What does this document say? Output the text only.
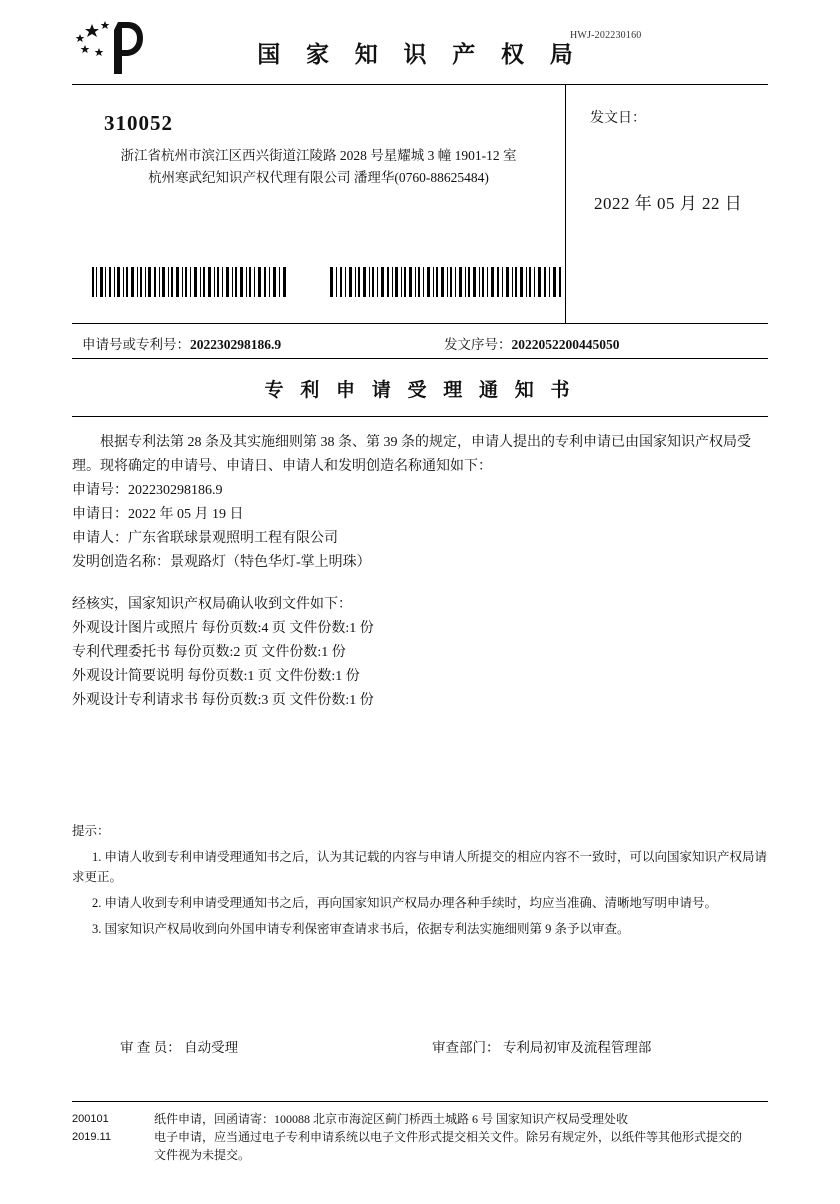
HWJ-202230160
国 家 知 识 产 权 局
310052
浙江省杭州市滨江区西兴街道江陵路 2028 号星耀城 3 幢 1901-12 室
杭州寒武纪知识产权代理有限公司 潘理华(0760-88625484)

发文日：
2022 年 05 月 22 日
申请号或专利号：202230298186.9	发文序号：2022052200445050
专 利 申 请 受 理 通 知 书
根据专利法第 28 条及其实施细则第 38 条、第 39 条的规定，申请人提出的专利申请已由国家知识产权局受理。现将确定的申请号、申请日、申请人和发明创造名称通知如下：
申请号：202230298186.9
申请日：2022 年 05 月 19 日
申请人：广东省联球景观照明工程有限公司
发明创造名称：景观路灯（特色华灯-掌上明珠）
经核实，国家知识产权局确认收到文件如下：
外观设计图片或照片 每份页数:4 页 文件份数:1 份
专利代理委托书 每份页数:2 页 文件份数:1 份
外观设计简要说明 每份页数:1 页 文件份数:1 份
外观设计专利请求书 每份页数:3 页 文件份数:1 份
提示：
1. 申请人收到专利申请受理通知书之后，认为其记载的内容与申请人所提交的相应内容不一致时，可以向国家知识产权局请求更正。
2. 申请人收到专利申请受理通知书之后，再向国家知识产权局办理各种手续时，均应当准确、清晰地写明申请号。
3. 国家知识产权局收到向外国申请专利保密审查请求书后，依据专利法实施细则第 9 条予以审查。
审 查 员： 自动受理	审查部门： 专利局初审及流程管理部
200101
2019.11
纸件申请，回函请寄：100088 北京市海淀区蓟门桥西土城路 6 号 国家知识产权局受理处收
电子申请，应当通过电子专利申请系统以电子文件形式提交相关文件。除另有规定外，以纸件等其他形式提交的
文件视为未提交。
